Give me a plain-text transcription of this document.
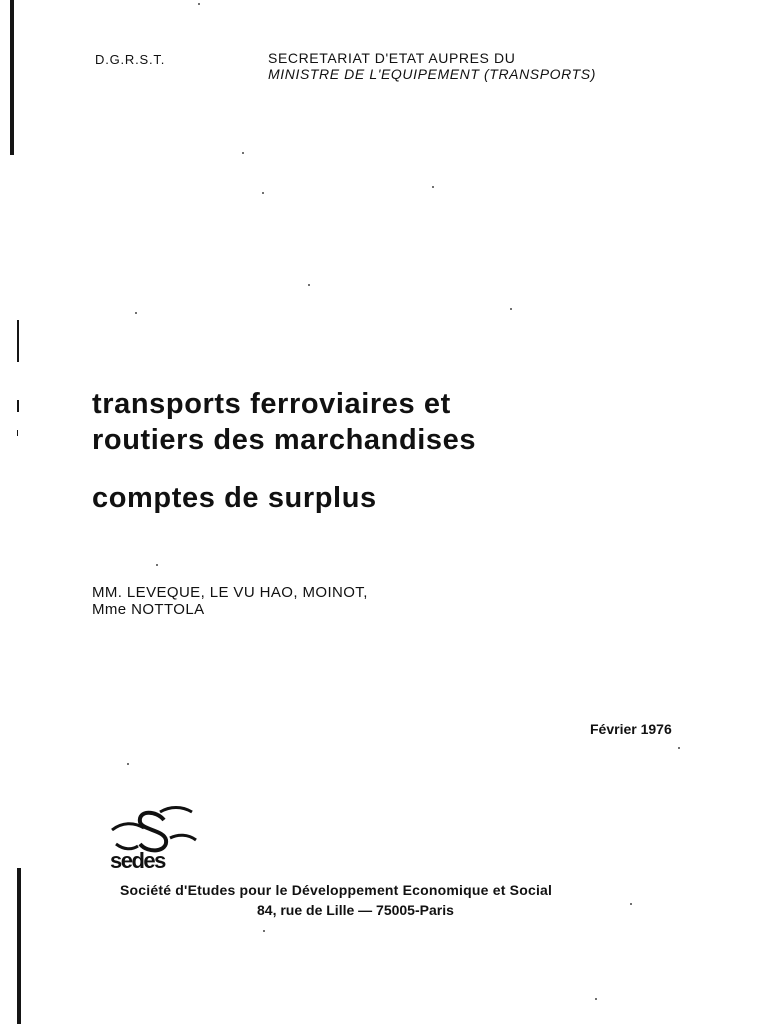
D.G.R.S.T.	SECRETARIAT D'ETAT AUPRES DU
MINISTRE DE L'EQUIPEMENT (TRANSPORTS)
transports ferroviaires et
routiers des marchandises
comptes de surplus
MM. LEVEQUE, LE VU HAO, MOINOT,
Mme NOTTOLA
Février 1976
sedes
Société d'Etudes pour le Développement Economique et Social
84, rue de Lille — 75005-Paris
